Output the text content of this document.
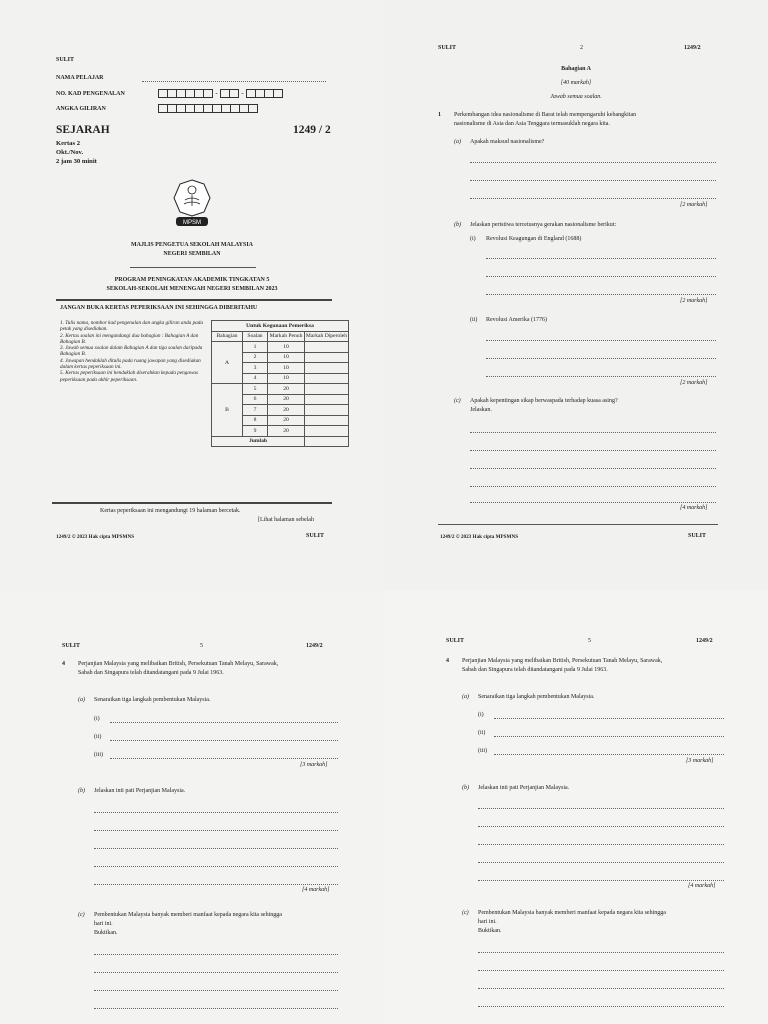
SULIT
NAMA PELAJAR
NO. KAD PENGENALAN	-	-
ANGKA GILIRAN
SEJARAH	1249 / 2
Kertas 2
Okt./Nov.
2 jam 30 minit
MPSM
MAJLIS PENGETUA SEKOLAH MALAYSIA
NEGERI SEMBILAN
PROGRAM PENINGKATAN AKADEMIK TINGKATAN 5
SEKOLAH-SEKOLAH MENENGAH NEGERI SEMBILAN 2023
JANGAN BUKA KERTAS PEPERIKSAAN INI SEHINGGA DIBERITAHU
1. Tulis nama, nombor kad pengenalan dan angka giliran anda pada petak yang disediakan.
2. Kertas soalan ini mengandungi dua bahagian : Bahagian A dan Bahagian B.
3. Jawab semua soalan dalam Bahagian A dan tiga soalan daripada Bahagian B.
4. Jawapan hendaklah ditulis pada ruang jawapan yang disediakan dalam kertas peperiksaan ini.
5. Kertas peperiksaan ini hendaklah diserahkan kepada pengawas peperiksaan pada akhir peperiksaan.
Untuk Kegunaan Pemeriksa			
Bahagian	Soalan	Markah Penuh	Markah Diperoleh
A	1	10	
	2	10	
	3	10	
	4	10	
B	5	20	
	6	20	
	7	20	
	8	20	
	9	20	
Jumlah			
Kertas peperiksaan ini mengandungi 19 halaman bercetak.
[Lihat halaman sebelah
1249/2 © 2023 Hak cipta MPSMNS	SULIT
SULIT	2	1249/2
Bahagian A
[40 markah]
Jawab semua soalan.
1 Perkembangan idea nasionalisme di Barat telah mempengaruhi kebangkitan
nasionalisme di Asia dan Asia Tenggara termasuklah negara kita.
(a) Apakah maksud nasionalisme?
[2 markah]
(b) Jelaskan peristiwa tercetusnya gerakan nasionalisme berikut:
(i) Revolusi Keagungan di England (1688)
[2 markah]
(ii) Revolusi Amerika (1776)
[2 markah]
(c) Apakah kepentingan sikap berwaspada terhadap kuasa asing?
Jelaskan.
[4 markah]
1249/2 © 2023 Hak cipta MPSMNS	SULIT
SULIT	5	1249/2
4 Perjanjian Malaysia yang melibatkan British, Persekutuan Tanah Melayu, Sarawak,
Sabah dan Singapura telah ditandatangani pada 9 Julai 1963.
(a) Senaraikan tiga langkah pembentukan Malaysia.
(i)
(ii)
(iii)
[3 markah]
(b) Jelaskan inti pati Perjanjian Malaysia.
[4 markah]
(c) Pembentukan Malaysia banyak memberi manfaat kepada negara kita sehingga
hari ini.
Buktikan.
SULIT	5	1249/2
4 Perjanjian Malaysia yang melibatkan British, Persekutuan Tanah Melayu, Sarawak,
Sabah dan Singapura telah ditandatangani pada 9 Julai 1963.
(a) Senaraikan tiga langkah pembentukan Malaysia.
(i)
(ii)
(iii)
[3 markah]
(b) Jelaskan inti pati Perjanjian Malaysia.
[4 markah]
(c) Pembentukan Malaysia banyak memberi manfaat kepada negara kita sehingga
hari ini.
Buktikan.
